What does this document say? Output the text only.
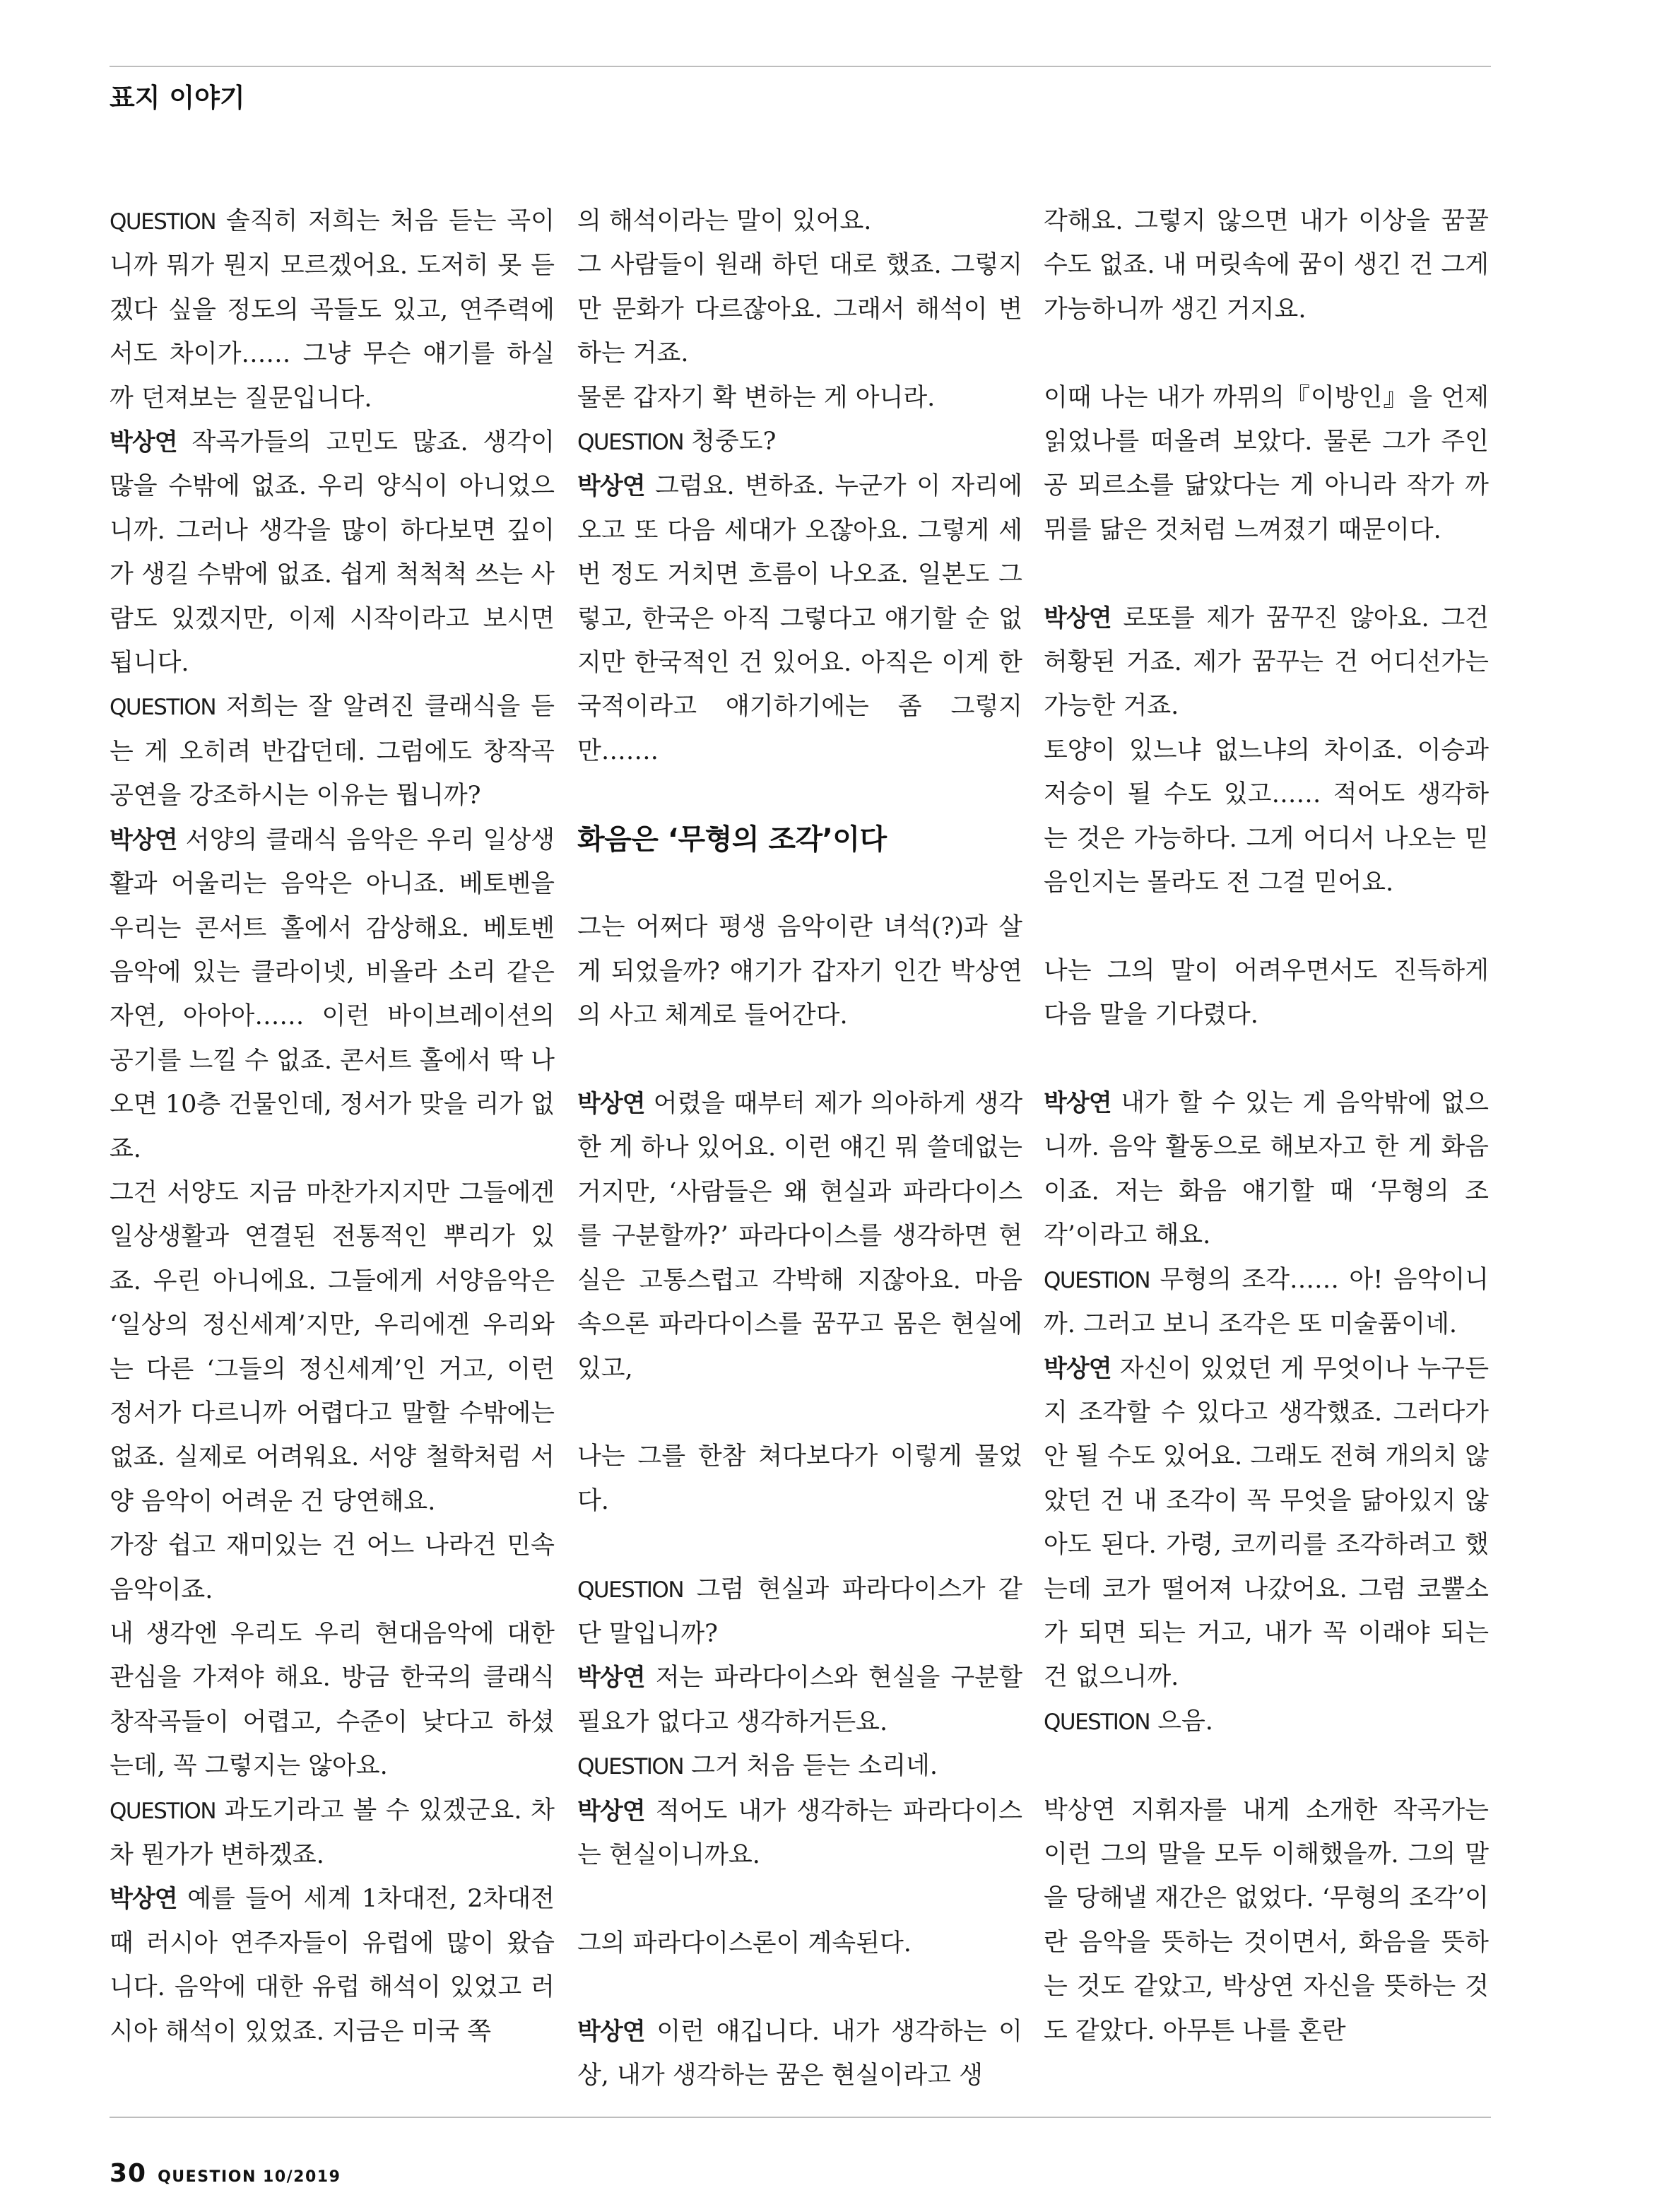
표지 이야기

QUESTION 솔직히 저희는 처음 듣는 곡이니까 뭐가 뭔지 모르겠어요. 도저히 못 듣겠다 싶을 정도의 곡들도 있고, 연주력에서도 차이가…… 그냥 무슨 얘기를 하실까 던져보는 질문입니다.

박상연 작곡가들의 고민도 많죠. 생각이 많을 수밖에 없죠. 우리 양식이 아니었으니까. 그러나 생각을 많이 하다보면 깊이가 생길 수밖에 없죠. 쉽게 척척척 쓰는 사람도 있겠지만, 이제 시작이라고 보시면 됩니다.

QUESTION 저희는 잘 알려진 클래식을 듣는 게 오히려 반갑던데. 그럼에도 창작곡 공연을 강조하시는 이유는 뭡니까?

박상연 서양의 클래식 음악은 우리 일상생활과 어울리는 음악은 아니죠. 베토벤을 우리는 콘서트 홀에서 감상해요. 베토벤 음악에 있는 클라이넷, 비올라 소리 같은 자연, 아아아…… 이런 바이브레이션의 공기를 느낄 수 없죠. 콘서트 홀에서 딱 나오면 10층 건물인데, 정서가 맞을 리가 없죠.

그건 서양도 지금 마찬가지지만 그들에겐 일상생활과 연결된 전통적인 뿌리가 있죠. 우린 아니에요. 그들에게 서양음악은 ‘일상의 정신세계’지만, 우리에겐 우리와는 다른 ‘그들의 정신세계’인 거고, 이런 정서가 다르니까 어렵다고 말할 수밖에는 없죠. 실제로 어려워요. 서양 철학처럼 서양 음악이 어려운 건 당연해요.

가장 쉽고 재미있는 건 어느 나라건 민속음악이죠.

내 생각엔 우리도 우리 현대음악에 대한 관심을 가져야 해요. 방금 한국의 클래식 창작곡들이 어렵고, 수준이 낮다고 하셨는데, 꼭 그렇지는 않아요.

QUESTION 과도기라고 볼 수 있겠군요. 차차 뭔가가 변하겠죠.

박상연 예를 들어 세계 1차대전, 2차대전 때 러시아 연주자들이 유럽에 많이 왔습니다. 음악에 대한 유럽 해석이 있었고 러시아 해석이 있었죠. 지금은 미국 쪽

의 해석이라는 말이 있어요.

그 사람들이 원래 하던 대로 했죠. 그렇지만 문화가 다르잖아요. 그래서 해석이 변하는 거죠.

물론 갑자기 확 변하는 게 아니라.

QUESTION 청중도?

박상연 그럼요. 변하죠. 누군가 이 자리에 오고 또 다음 세대가 오잖아요. 그렇게 세 번 정도 거치면 흐름이 나오죠. 일본도 그렇고, 한국은 아직 그렇다고 얘기할 순 없지만 한국적인 건 있어요. 아직은 이게 한국적이라고 얘기하기에는 좀 그렇지만…….

화음은 ‘무형의 조각’이다

그는 어쩌다 평생 음악이란 녀석(?)과 살게 되었을까? 얘기가 갑자기 인간 박상연의 사고 체계로 들어간다.

박상연 어렸을 때부터 제가 의아하게 생각한 게 하나 있어요. 이런 얘긴 뭐 쓸데없는 거지만, ‘사람들은 왜 현실과 파라다이스를 구분할까?’ 파라다이스를 생각하면 현실은 고통스럽고 각박해 지잖아요. 마음 속으론 파라다이스를 꿈꾸고 몸은 현실에 있고,

나는 그를 한참 쳐다보다가 이렇게 물었다.

QUESTION 그럼 현실과 파라다이스가 같단 말입니까?

박상연 저는 파라다이스와 현실을 구분할 필요가 없다고 생각하거든요.

QUESTION 그거 처음 듣는 소리네.

박상연 적어도 내가 생각하는 파라다이스는 현실이니까요.

그의 파라다이스론이 계속된다.

박상연 이런 얘깁니다. 내가 생각하는 이상, 내가 생각하는 꿈은 현실이라고 생

각해요. 그렇지 않으면 내가 이상을 꿈꿀 수도 없죠. 내 머릿속에 꿈이 생긴 건 그게 가능하니까 생긴 거지요.

이때 나는 내가 까뮈의『이방인』을 언제 읽었나를 떠올려 보았다. 물론 그가 주인공 뫼르소를 닮았다는 게 아니라 작가 까뮈를 닮은 것처럼 느껴졌기 때문이다.

박상연 로또를 제가 꿈꾸진 않아요. 그건 허황된 거죠. 제가 꿈꾸는 건 어디선가는 가능한 거죠.

토양이 있느냐 없느냐의 차이죠. 이승과 저승이 될 수도 있고…… 적어도 생각하는 것은 가능하다. 그게 어디서 나오는 믿음인지는 몰라도 전 그걸 믿어요.

나는 그의 말이 어려우면서도 진득하게 다음 말을 기다렸다.

박상연 내가 할 수 있는 게 음악밖에 없으니까. 음악 활동으로 해보자고 한 게 화음이죠. 저는 화음 얘기할 때 ‘무형의 조각’이라고 해요.

QUESTION 무형의 조각…… 아! 음악이니까. 그러고 보니 조각은 또 미술품이네.

박상연 자신이 있었던 게 무엇이나 누구든지 조각할 수 있다고 생각했죠. 그러다가 안 될 수도 있어요. 그래도 전혀 개의치 않았던 건 내 조각이 꼭 무엇을 닮아있지 않아도 된다. 가령, 코끼리를 조각하려고 했는데 코가 떨어져 나갔어요. 그럼 코뿔소가 되면 되는 거고, 내가 꼭 이래야 되는 건 없으니까.

QUESTION 으음.

박상연 지휘자를 내게 소개한 작곡가는 이런 그의 말을 모두 이해했을까. 그의 말을 당해낼 재간은 없었다. ‘무형의 조각’이란 음악을 뜻하는 것이면서, 화음을 뜻하는 것도 같았고, 박상연 자신을 뜻하는 것도 같았다. 아무튼 나를 혼란

30 QUESTION 10/2019
